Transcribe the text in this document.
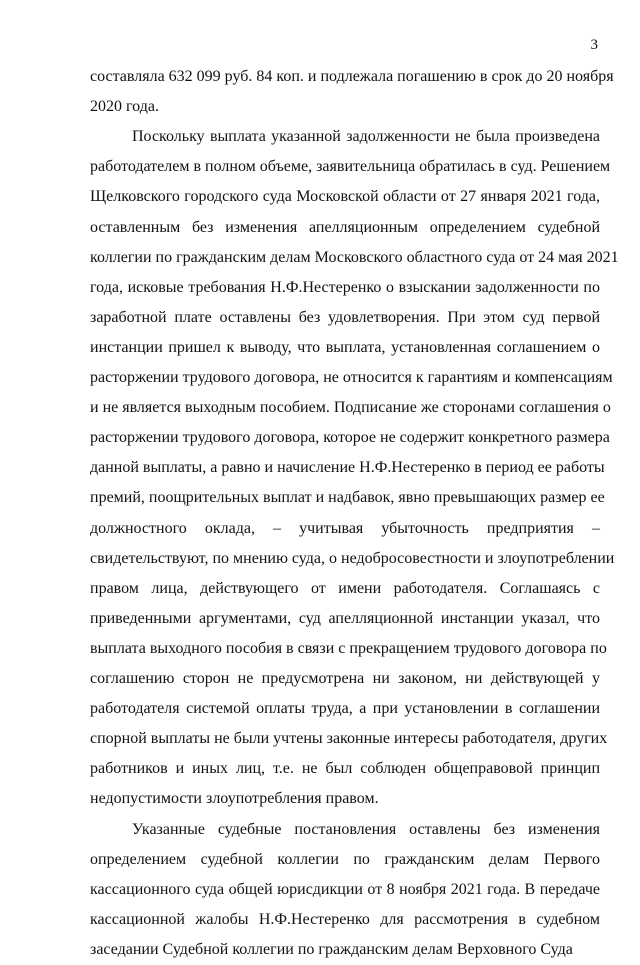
3
составляла 632 099 руб. 84 коп. и подлежала погашению в срок до 20 ноября
2020 года.
Поскольку выплата указанной задолженности не была произведена
работодателем в полном объеме, заявительница обратилась в суд. Решением
Щелковского городского суда Московской области от 27 января 2021 года,
оставленным без изменения апелляционным определением судебной
коллегии по гражданским делам Московского областного суда от 24 мая 2021
года, исковые требования Н.Ф.Нестеренко о взыскании задолженности по
заработной плате оставлены без удовлетворения. При этом суд первой
инстанции пришел к выводу, что выплата, установленная соглашением о
расторжении трудового договора, не относится к гарантиям и компенсациям
и не является выходным пособием. Подписание же сторонами соглашения о
расторжении трудового договора, которое не содержит конкретного размера
данной выплаты, а равно и начисление Н.Ф.Нестеренко в период ее работы
премий, поощрительных выплат и надбавок, явно превышающих размер ее
должностного оклада, – учитывая убыточность предприятия –
свидетельствуют, по мнению суда, о недобросовестности и злоупотреблении
правом лица, действующего от имени работодателя. Соглашаясь с
приведенными аргументами, суд апелляционной инстанции указал, что
выплата выходного пособия в связи с прекращением трудового договора по
соглашению сторон не предусмотрена ни законом, ни действующей у
работодателя системой оплаты труда, а при установлении в соглашении
спорной выплаты не были учтены законные интересы работодателя, других
работников и иных лиц, т.е. не был соблюден общеправовой принцип
недопустимости злоупотребления правом.
Указанные судебные постановления оставлены без изменения
определением судебной коллегии по гражданским делам Первого
кассационного суда общей юрисдикции от 8 ноября 2021 года. В передаче
кассационной жалобы Н.Ф.Нестеренко для рассмотрения в судебном
заседании Судебной коллегии по гражданским делам Верховного Суда
